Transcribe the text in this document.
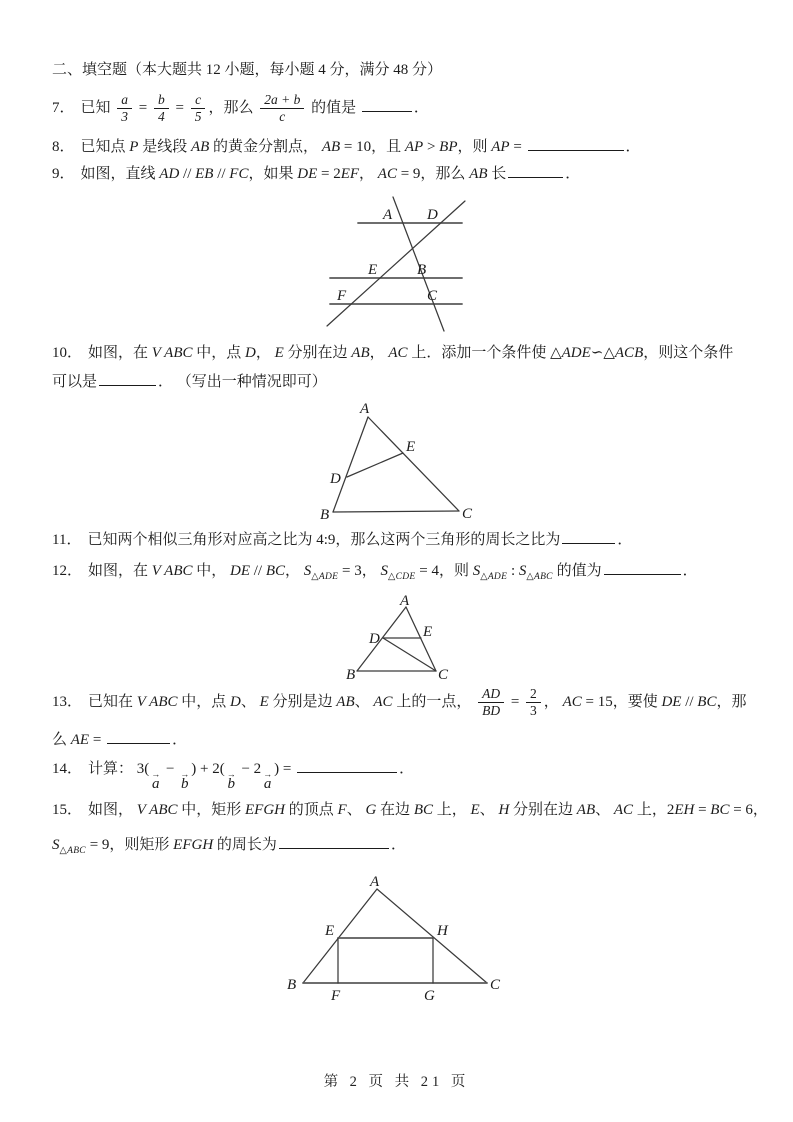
二、填空题（本大题共 12 小题，每小题 4 分，满分 48 分）
7． 已知 $\frac{a}{3} = \frac{b}{4} = \frac{c}{5}$ ，那么 $\frac{2a + b}{c}$ 的值是	．
8． 已知点 P 是线段 AB 的黄金分割点， AB = 10，且 AP > BP，则 AP =	．
9． 如图，直线 AD // EB // FC，如果 DE = 2EF， AC = 9，那么 AB 长	．
A D
E	B
F	C
10． 如图，在 V ABC 中，点 D， E 分别在边 AB， AC 上．添加一个条件使 △ADE∽△ACB，则这个条件
可以是	． （写出一种情况即可）
A
B	C
D
E
11． 已知两个相似三角形对应高之比为 4:9，那么这两个三角形的周长之比为	．
12． 如图，在 V ABC 中， DE // BC， $S_{\triangle ADE} = 3$， $S_{\triangle CDE} = 4$，则 $S_{\triangle ADE}$ : $S_{\triangle ABC}$ 的值为	．
A
B	C
D	E
13． 已知在 V ABC 中，点 D、 E 分别是边 AB、 AC 上的一点， $\frac{AD}{BD} = \frac{2}{3}$ ， AC = 15，要使 DE // BC，那
么 AE =	．
14． 计算： 3( →
a
− →
b
) + 2( →
b
− 2 →
a
) =	．
15． 如图， V ABC 中，矩形 EFGH 的顶点 F、 G 在边 BC 上， E、 H 分别在边 AB、 AC 上，2EH = BC = 6，
$S_{\triangle ABC} = 9$，则矩形 EFGH 的周长为	．
A
B	C
E	H
F	G
第 2 页 共 21 页
